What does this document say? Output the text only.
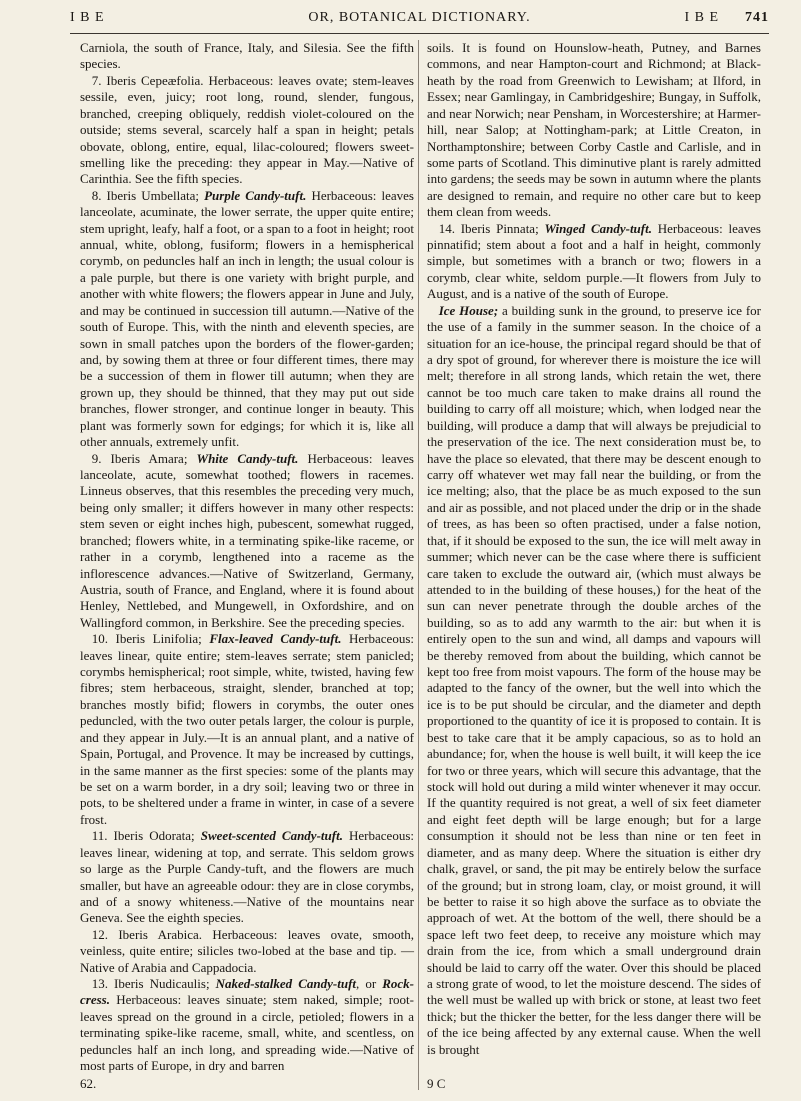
I B E	OR, BOTANICAL DICTIONARY.	I B E 741

Carniola, the south of France, Italy, and Silesia. See the fifth species.

7. Iberis Cepeæfolia. Herbaceous: leaves ovate; stem-leaves sessile, even, juicy; root long, round, slender, fungous, branched, creeping obliquely, reddish violet-coloured on the outside; stems several, scarcely half a span in height; petals obovate, oblong, entire, equal, lilac-coloured; flowers sweet-smelling like the preceding: they appear in May.—Native of Carinthia. See the fifth species.

8. Iberis Umbellata; Purple Candy-tuft. Herbaceous: leaves lanceolate, acuminate, the lower serrate, the upper quite entire; stem upright, leafy, half a foot, or a span to a foot in height; root annual, white, oblong, fusiform; flowers in a hemispherical corymb, on peduncles half an inch in length; the usual colour is a pale purple, but there is one variety with bright purple, and another with white flowers; the flowers appear in June and July, and may be continued in succession till autumn.—Native of the south of Europe. This, with the ninth and eleventh species, are sown in small patches upon the borders of the flower-garden; and, by sowing them at three or four different times, there may be a succession of them in flower till autumn; when they are grown up, they should be thinned, that they may put out side branches, flower stronger, and continue longer in beauty. This plant was formerly sown for edgings; for which it is, like all other annuals, extremely unfit.

9. Iberis Amara; White Candy-tuft. Herbaceous: leaves lanceolate, acute, somewhat toothed; flowers in racemes. Linneus observes, that this resembles the preceding very much, being only smaller; it differs however in many other respects: stem seven or eight inches high, pubescent, somewhat rugged, branched; flowers white, in a terminating spike-like raceme, or rather in a corymb, lengthened into a raceme as the inflorescence advances.—Native of Switzerland, Germany, Austria, south of France, and England, where it is found about Henley, Nettlebed, and Mungewell, in Oxfordshire, and on Wallingford common, in Berkshire. See the preceding species.

10. Iberis Linifolia; Flax-leaved Candy-tuft. Herbaceous: leaves linear, quite entire; stem-leaves serrate; stem panicled; corymbs hemispherical; root simple, white, twisted, having few fibres; stem herbaceous, straight, slender, branched at top; branches mostly bifid; flowers in corymbs, the outer ones peduncled, with the two outer petals larger, the colour is purple, and they appear in July.—It is an annual plant, and a native of Spain, Portugal, and Provence. It may be increased by cuttings, in the same manner as the first species: some of the plants may be set on a warm border, in a dry soil; leaving two or three in pots, to be sheltered under a frame in winter, in case of a severe frost.

11. Iberis Odorata; Sweet-scented Candy-tuft. Herbaceous: leaves linear, widening at top, and serrate. This seldom grows so large as the Purple Candy-tuft, and the flowers are much smaller, but have an agreeable odour: they are in close corymbs, and of a snowy whiteness.—Native of the mountains near Geneva. See the eighth species.

12. Iberis Arabica. Herbaceous: leaves ovate, smooth, veinless, quite entire; silicles two-lobed at the base and tip. —Native of Arabia and Cappadocia.

13. Iberis Nudicaulis; Naked-stalked Candy-tuft, or Rock-cress. Herbaceous: leaves sinuate; stem naked, simple; root-leaves spread on the ground in a circle, petioled; flowers in a terminating spike-like raceme, small, white, and scentless, on peduncles half an inch long, and spreading wide.—Native of most parts of Europe, in dry and barren

soils. It is found on Hounslow-heath, Putney, and Barnes commons, and near Hampton-court and Richmond; at Black-heath by the road from Greenwich to Lewisham; at Ilford, in Essex; near Gamlingay, in Cambridgeshire; Bungay, in Suffolk, and near Norwich; near Pensham, in Worcestershire; at Harmer-hill, near Salop; at Nottingham-park; at Little Creaton, in Northamptonshire; between Corby Castle and Carlisle, and in some parts of Scotland. This diminutive plant is rarely admitted into gardens; the seeds may be sown in autumn where the plants are designed to remain, and require no other care but to keep them clean from weeds.

14. Iberis Pinnata; Winged Candy-tuft. Herbaceous: leaves pinnatifid; stem about a foot and a half in height, commonly simple, but sometimes with a branch or two; flowers in a corymb, clear white, seldom purple.—It flowers from July to August, and is a native of the south of Europe.

Ice House; a building sunk in the ground, to preserve ice for the use of a family in the summer season. In the choice of a situation for an ice-house, the principal regard should be that of a dry spot of ground, for wherever there is moisture the ice will melt; therefore in all strong lands, which retain the wet, there cannot be too much care taken to make drains all round the building to carry off all moisture; which, when lodged near the building, will produce a damp that will always be prejudicial to the preservation of the ice. The next consideration must be, to have the place so elevated, that there may be descent enough to carry off whatever wet may fall near the building, or from the ice melting; also, that the place be as much exposed to the sun and air as possible, and not placed under the drip or in the shade of trees, as has been so often practised, under a false notion, that, if it should be exposed to the sun, the ice will melt away in summer; which never can be the case where there is sufficient care taken to exclude the outward air, (which must always be attended to in the building of these houses,) for the heat of the sun can never penetrate through the double arches of the building, so as to add any warmth to the air: but when it is entirely open to the sun and wind, all damps and vapours will be thereby removed from about the building, which cannot be kept too free from moist vapours. The form of the house may be adapted to the fancy of the owner, but the well into which the ice is to be put should be circular, and the diameter and depth proportioned to the quantity of ice it is proposed to contain. It is best to take care that it be amply capacious, so as to hold an abundance; for, when the house is well built, it will keep the ice for two or three years, which will secure this advantage, that the stock will hold out during a mild winter whenever it may occur. If the quantity required is not great, a well of six feet diameter and eight feet depth will be large enough; but for a large consumption it should not be less than nine or ten feet in diameter, and as many deep. Where the situation is either dry chalk, gravel, or sand, the pit may be entirely below the surface of the ground; but in strong loam, clay, or moist ground, it will be better to raise it so high above the surface as to obviate the approach of wet. At the bottom of the well, there should be a space left two feet deep, to receive any moisture which may drain from the ice, from which a small underground drain should be laid to carry off the water. Over this should be placed a strong grate of wood, to let the moisture descend. The sides of the well must be walled up with brick or stone, at least two feet thick; but the thicker the better, for the less danger there will be of the ice being affected by any external cause. When the well is brought

62.	9 C
